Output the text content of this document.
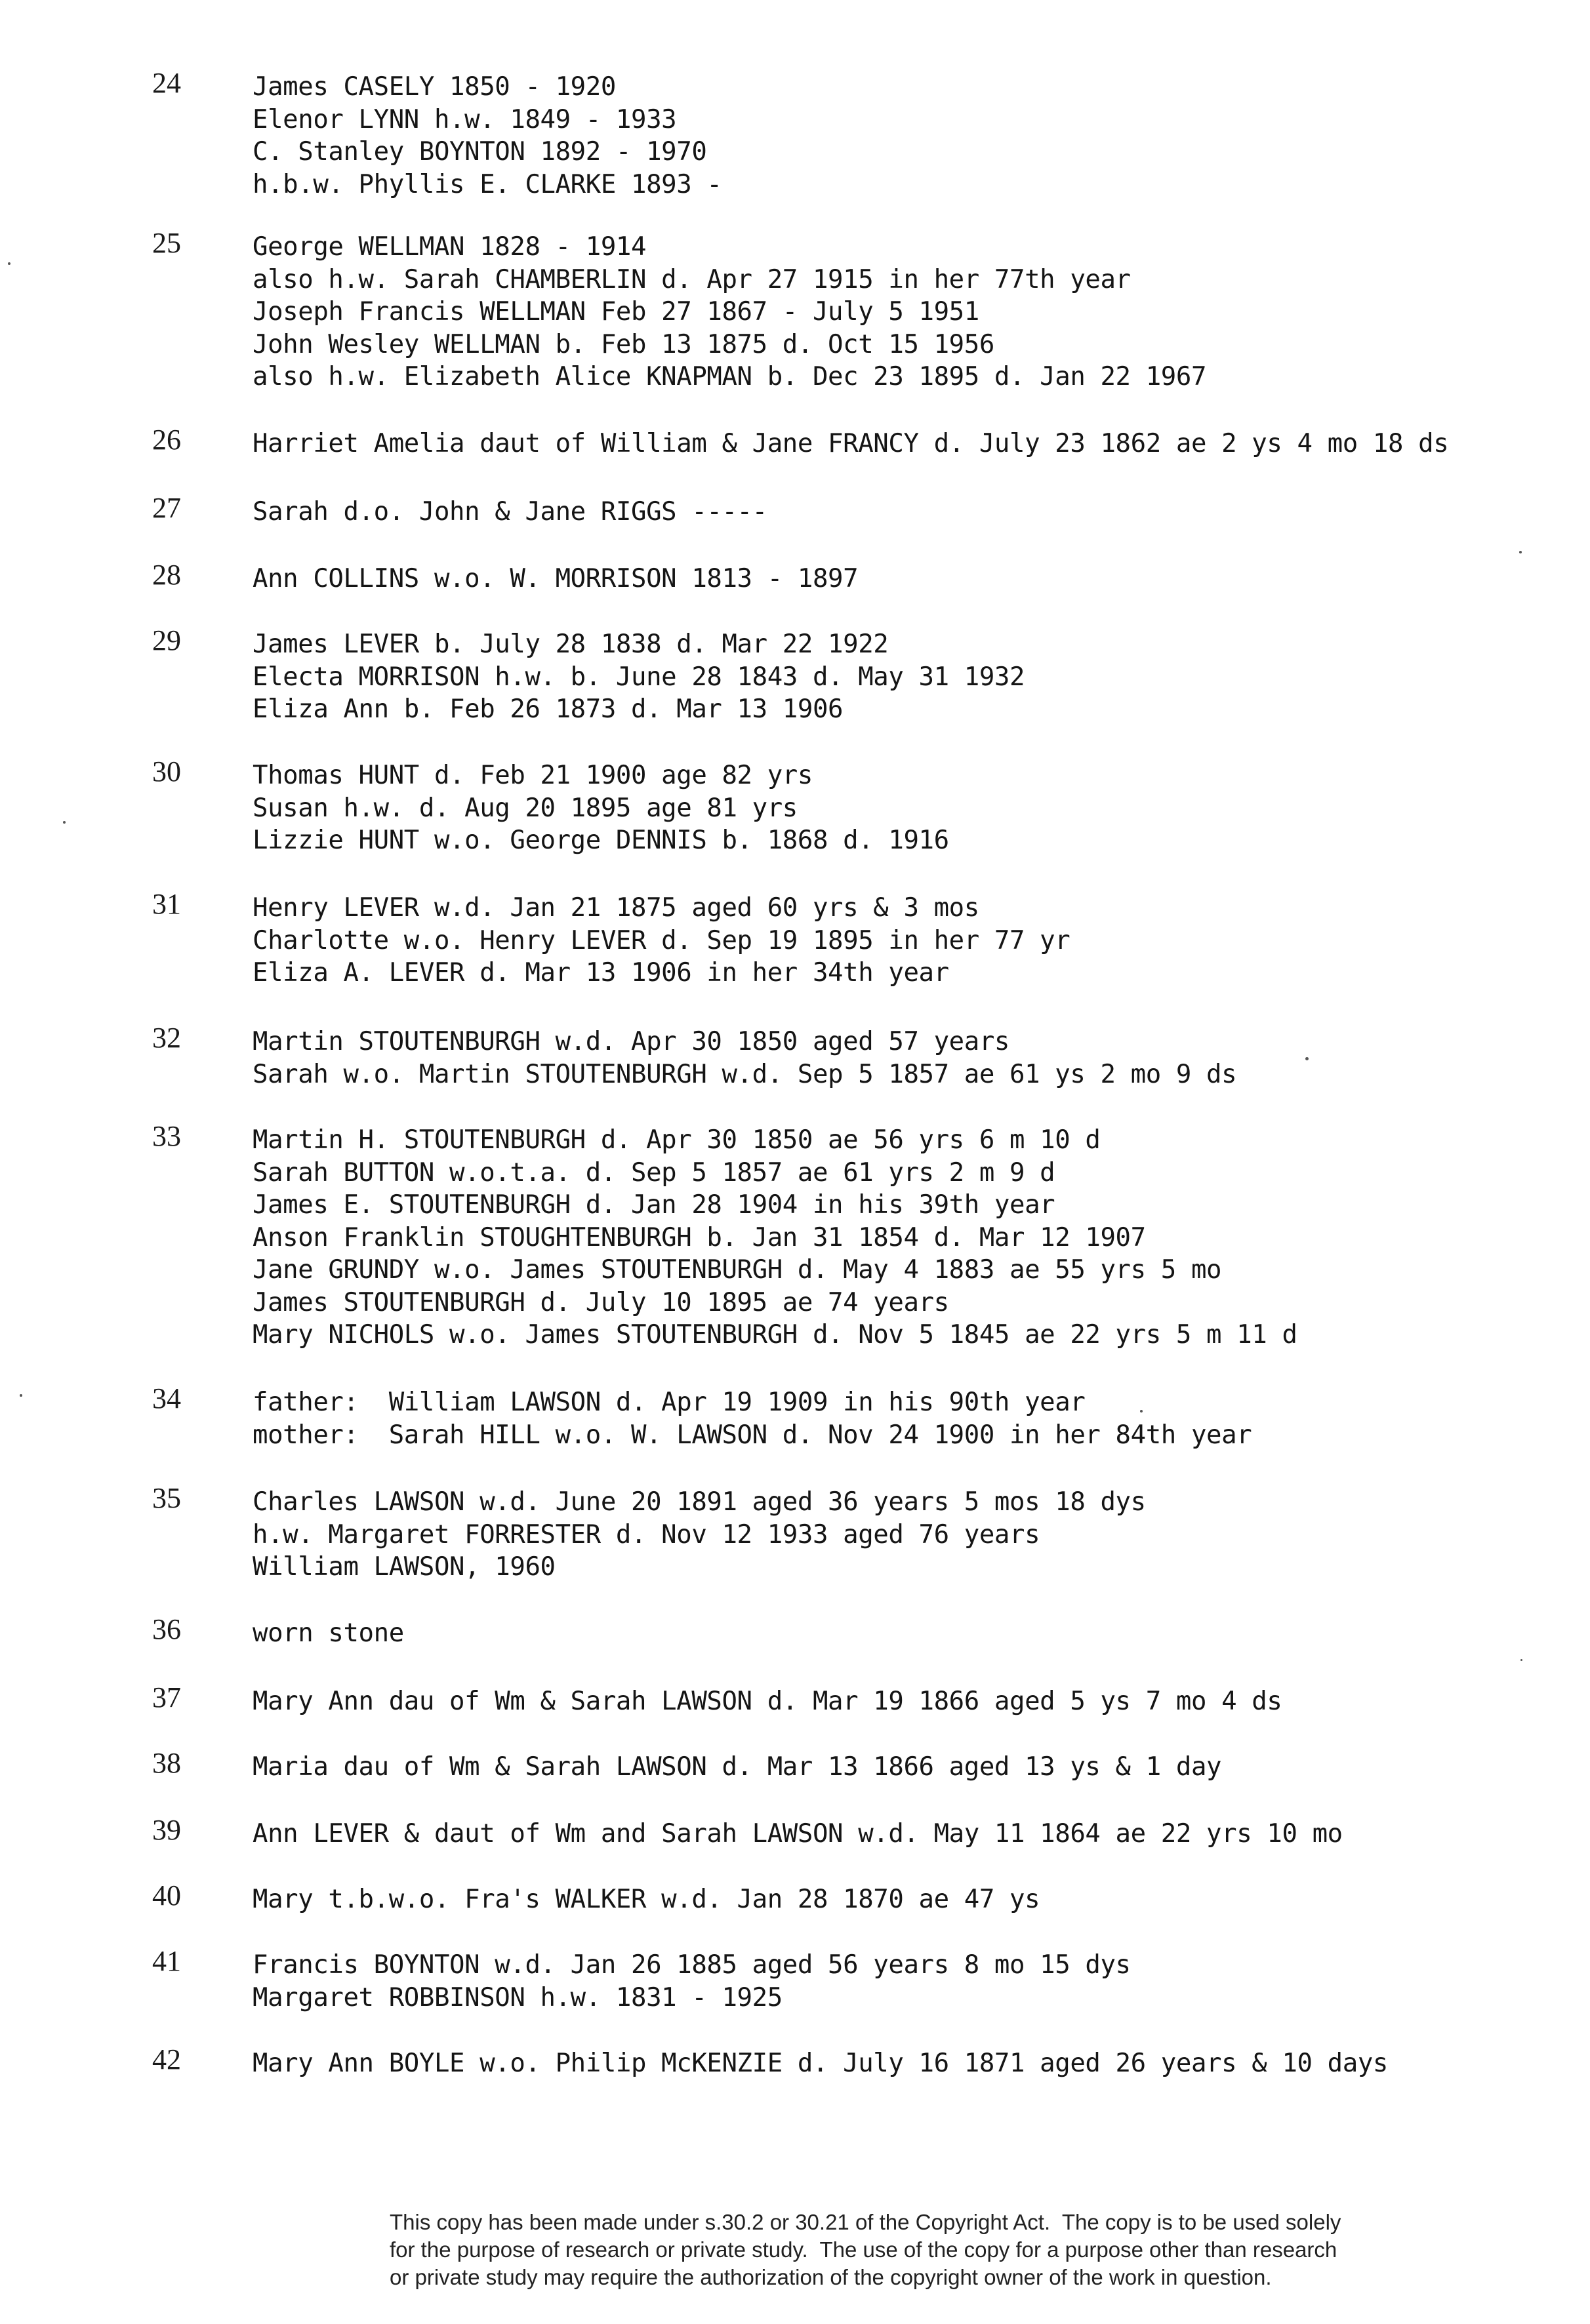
24	James CASELY 1850 - 1920
Elenor LYNN h.w. 1849 - 1933
C. Stanley BOYNTON 1892 - 1970
h.b.w. Phyllis E. CLARKE 1893 -
25	George WELLMAN 1828 - 1914
also h.w. Sarah CHAMBERLIN d. Apr 27 1915 in her 77th year
Joseph Francis WELLMAN Feb 27 1867 - July 5 1951
John Wesley WELLMAN b. Feb 13 1875 d. Oct 15 1956
also h.w. Elizabeth Alice KNAPMAN b. Dec 23 1895 d. Jan 22 1967
26	Harriet Amelia daut of William & Jane FRANCY d. July 23 1862 ae 2 ys 4 mo 18 ds
27	Sarah d.o. John & Jane RIGGS -----
28	Ann COLLINS w.o. W. MORRISON 1813 - 1897
29	James LEVER b. July 28 1838 d. Mar 22 1922
Electa MORRISON h.w. b. June 28 1843 d. May 31 1932
Eliza Ann b. Feb 26 1873 d. Mar 13 1906
30	Thomas HUNT d. Feb 21 1900 age 82 yrs
Susan h.w. d. Aug 20 1895 age 81 yrs
Lizzie HUNT w.o. George DENNIS b. 1868 d. 1916
31	Henry LEVER w.d. Jan 21 1875 aged 60 yrs & 3 mos
Charlotte w.o. Henry LEVER d. Sep 19 1895 in her 77 yr
Eliza A. LEVER d. Mar 13 1906 in her 34th year
32	Martin STOUTENBURGH w.d. Apr 30 1850 aged 57 years
Sarah w.o. Martin STOUTENBURGH w.d. Sep 5 1857 ae 61 ys 2 mo 9 ds
33	Martin H. STOUTENBURGH d. Apr 30 1850 ae 56 yrs 6 m 10 d
Sarah BUTTON w.o.t.a. d. Sep 5 1857 ae 61 yrs 2 m 9 d
James E. STOUTENBURGH d. Jan 28 1904 in his 39th year
Anson Franklin STOUGHTENBURGH b. Jan 31 1854 d. Mar 12 1907
Jane GRUNDY w.o. James STOUTENBURGH d. May 4 1883 ae 55 yrs 5 mo
James STOUTENBURGH d. July 10 1895 ae 74 years
Mary NICHOLS w.o. James STOUTENBURGH d. Nov 5 1845 ae 22 yrs 5 m 11 d
34	father:  William LAWSON d. Apr 19 1909 in his 90th year
mother:  Sarah HILL w.o. W. LAWSON d. Nov 24 1900 in her 84th year
35	Charles LAWSON w.d. June 20 1891 aged 36 years 5 mos 18 dys
h.w. Margaret FORRESTER d. Nov 12 1933 aged 76 years
William LAWSON, 1960
36	worn stone
37	Mary Ann dau of Wm & Sarah LAWSON d. Mar 19 1866 aged 5 ys 7 mo 4 ds
38	Maria dau of Wm & Sarah LAWSON d. Mar 13 1866 aged 13 ys & 1 day
39	Ann LEVER & daut of Wm and Sarah LAWSON w.d. May 11 1864 ae 22 yrs 10 mo
40	Mary t.b.w.o. Fra's WALKER w.d. Jan 28 1870 ae 47 ys
41	Francis BOYNTON w.d. Jan 26 1885 aged 56 years 8 mo 15 dys
Margaret ROBBINSON h.w. 1831 - 1925
42	Mary Ann BOYLE w.o. Philip McKENZIE d. July 16 1871 aged 26 years & 10 days
This copy has been made under s.30.2 or 30.21 of the Copyright Act.  The copy is to be used solely
for the purpose of research or private study.  The use of the copy for a purpose other than research
or private study may require the authorization of the copyright owner of the work in question.
